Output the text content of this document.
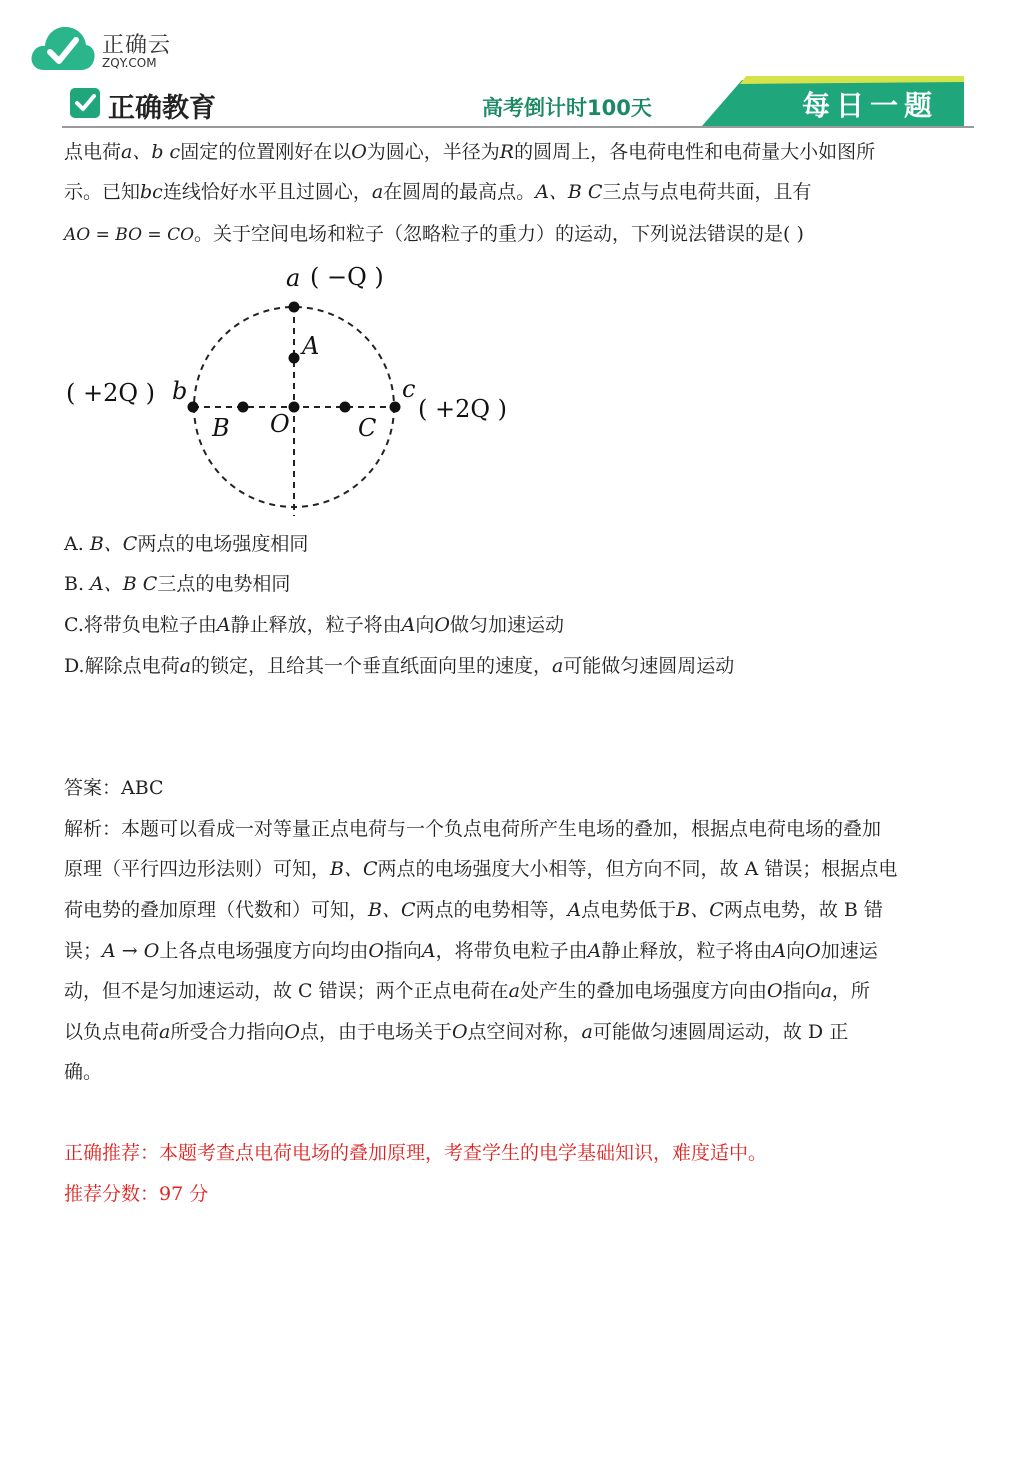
正确云
ZQY.COM
正确教育	高考倒计时100天	每日一题
点电荷a、b c固定的位置刚好在以O为圆心，半径为R的圆周上，各电荷电性和电荷量大小如图所
示。已知bc连线恰好水平且过圆心，a在圆周的最高点。A、B C三点与点电荷共面，且有
AO = BO = CO。关于空间电场和粒子（忽略粒子的重力）的运动，下列说法错误的是( )
a ( −Q )
A
( +2Q ) b	c
( +2Q )
B O	C
A. B、C两点的电场强度相同
B. A、B C三点的电势相同
C.将带负电粒子由A静止释放，粒子将由A向O做匀加速运动
D.解除点电荷a的锁定，且给其一个垂直纸面向里的速度，a可能做匀速圆周运动
答案：ABC
解析：本题可以看成一对等量正点电荷与一个负点电荷所产生电场的叠加，根据点电荷电场的叠加
原理（平行四边形法则）可知，B、C两点的电场强度大小相等，但方向不同，故 A 错误；根据点电
荷电势的叠加原理（代数和）可知，B、C两点的电势相等，A点电势低于B、C两点电势，故 B 错
误；A → O上各点电场强度方向均由O指向A，将带负电粒子由A静止释放，粒子将由A向O加速运
动，但不是匀加速运动，故 C 错误；两个正点电荷在a处产生的叠加电场强度方向由O指向a，所
以负点电荷a所受合力指向O点，由于电场关于O点空间对称，a可能做匀速圆周运动，故 D 正
确。
正确推荐：本题考查点电荷电场的叠加原理，考查学生的电学基础知识，难度适中。
推荐分数：97 分
